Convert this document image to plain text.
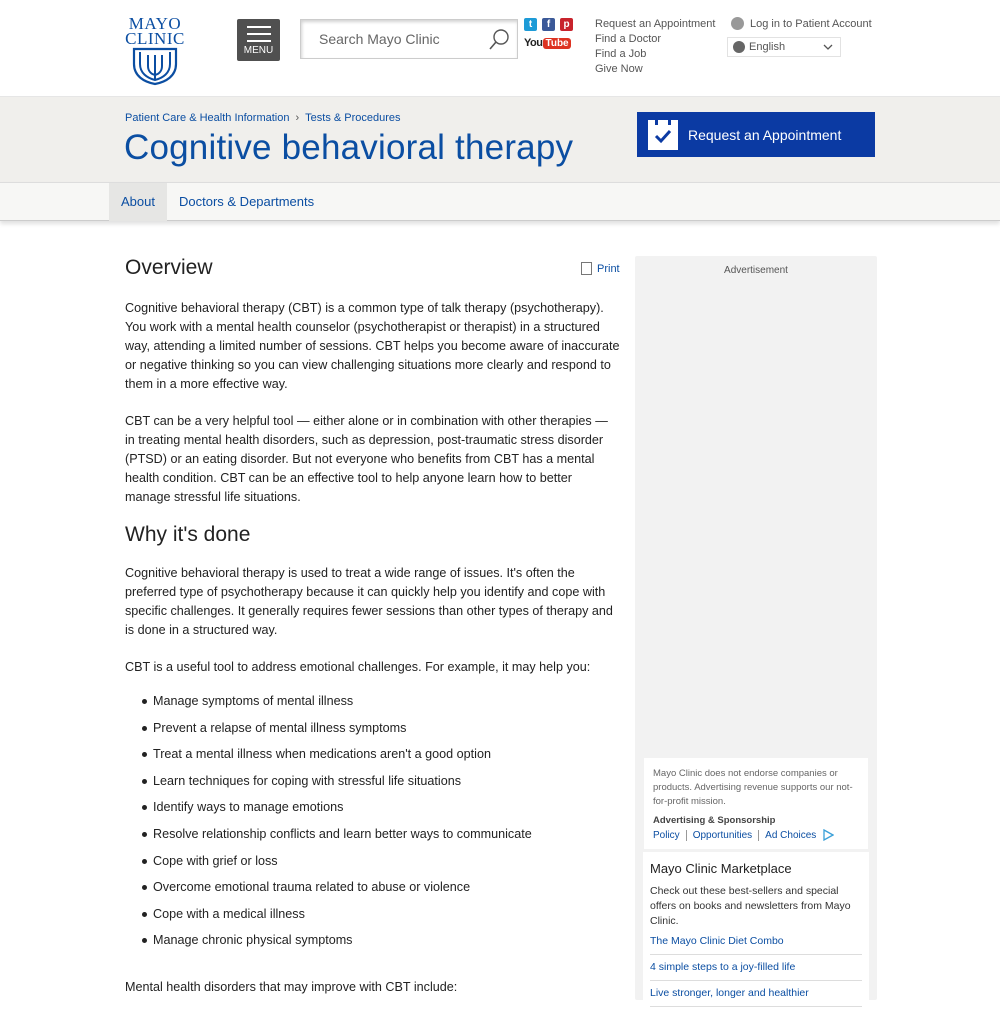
MAYO
CLINIC
MENU
Search Mayo Clinic
t	f	p
You Tube
Request an Appointment
Find a Doctor
Find a Job
Give Now
Log in to Patient Account
English
Patient Care & Health Information › Tests & Procedures
Cognitive behavioral therapy	Request an Appointment
About	Doctors & Departments
Print
Overview

Cognitive behavioral therapy (CBT) is a common type of talk therapy (psychotherapy). You work with a mental health counselor (psychotherapist or therapist) in a structured way, attending a limited number of sessions. CBT helps you become aware of inaccurate or negative thinking so you can view challenging situations more clearly and respond to them in a more effective way.

CBT can be a very helpful tool — either alone or in combination with other therapies — in treating mental health disorders, such as depression, post-traumatic stress disorder (PTSD) or an eating disorder. But not everyone who benefits from CBT has a mental health condition. CBT can be an effective tool to help anyone learn how to better manage stressful life situations.

Why it's done

Cognitive behavioral therapy is used to treat a wide range of issues. It's often the preferred type of psychotherapy because it can quickly help you identify and cope with specific challenges. It generally requires fewer sessions than other types of therapy and is done in a structured way.

CBT is a useful tool to address emotional challenges. For example, it may help you:

Manage symptoms of mental illness
Prevent a relapse of mental illness symptoms
Treat a mental illness when medications aren't a good option
Learn techniques for coping with stressful life situations
Identify ways to manage emotions
Resolve relationship conflicts and learn better ways to communicate
Cope with grief or loss
Overcome emotional trauma related to abuse or violence
Cope with a medical illness
Manage chronic physical symptoms

Mental health disorders that may improve with CBT include:

Advertisement
Mayo Clinic does not endorse companies or products. Advertising revenue supports our not-for-profit mission.
Advertising & Sponsorship
Policy	Opportunities	Ad Choices
Mayo Clinic Marketplace
Check out these best-sellers and special offers on books and newsletters from Mayo Clinic.
The Mayo Clinic Diet Combo
4 simple steps to a joy-filled life
Live stronger, longer and healthier
